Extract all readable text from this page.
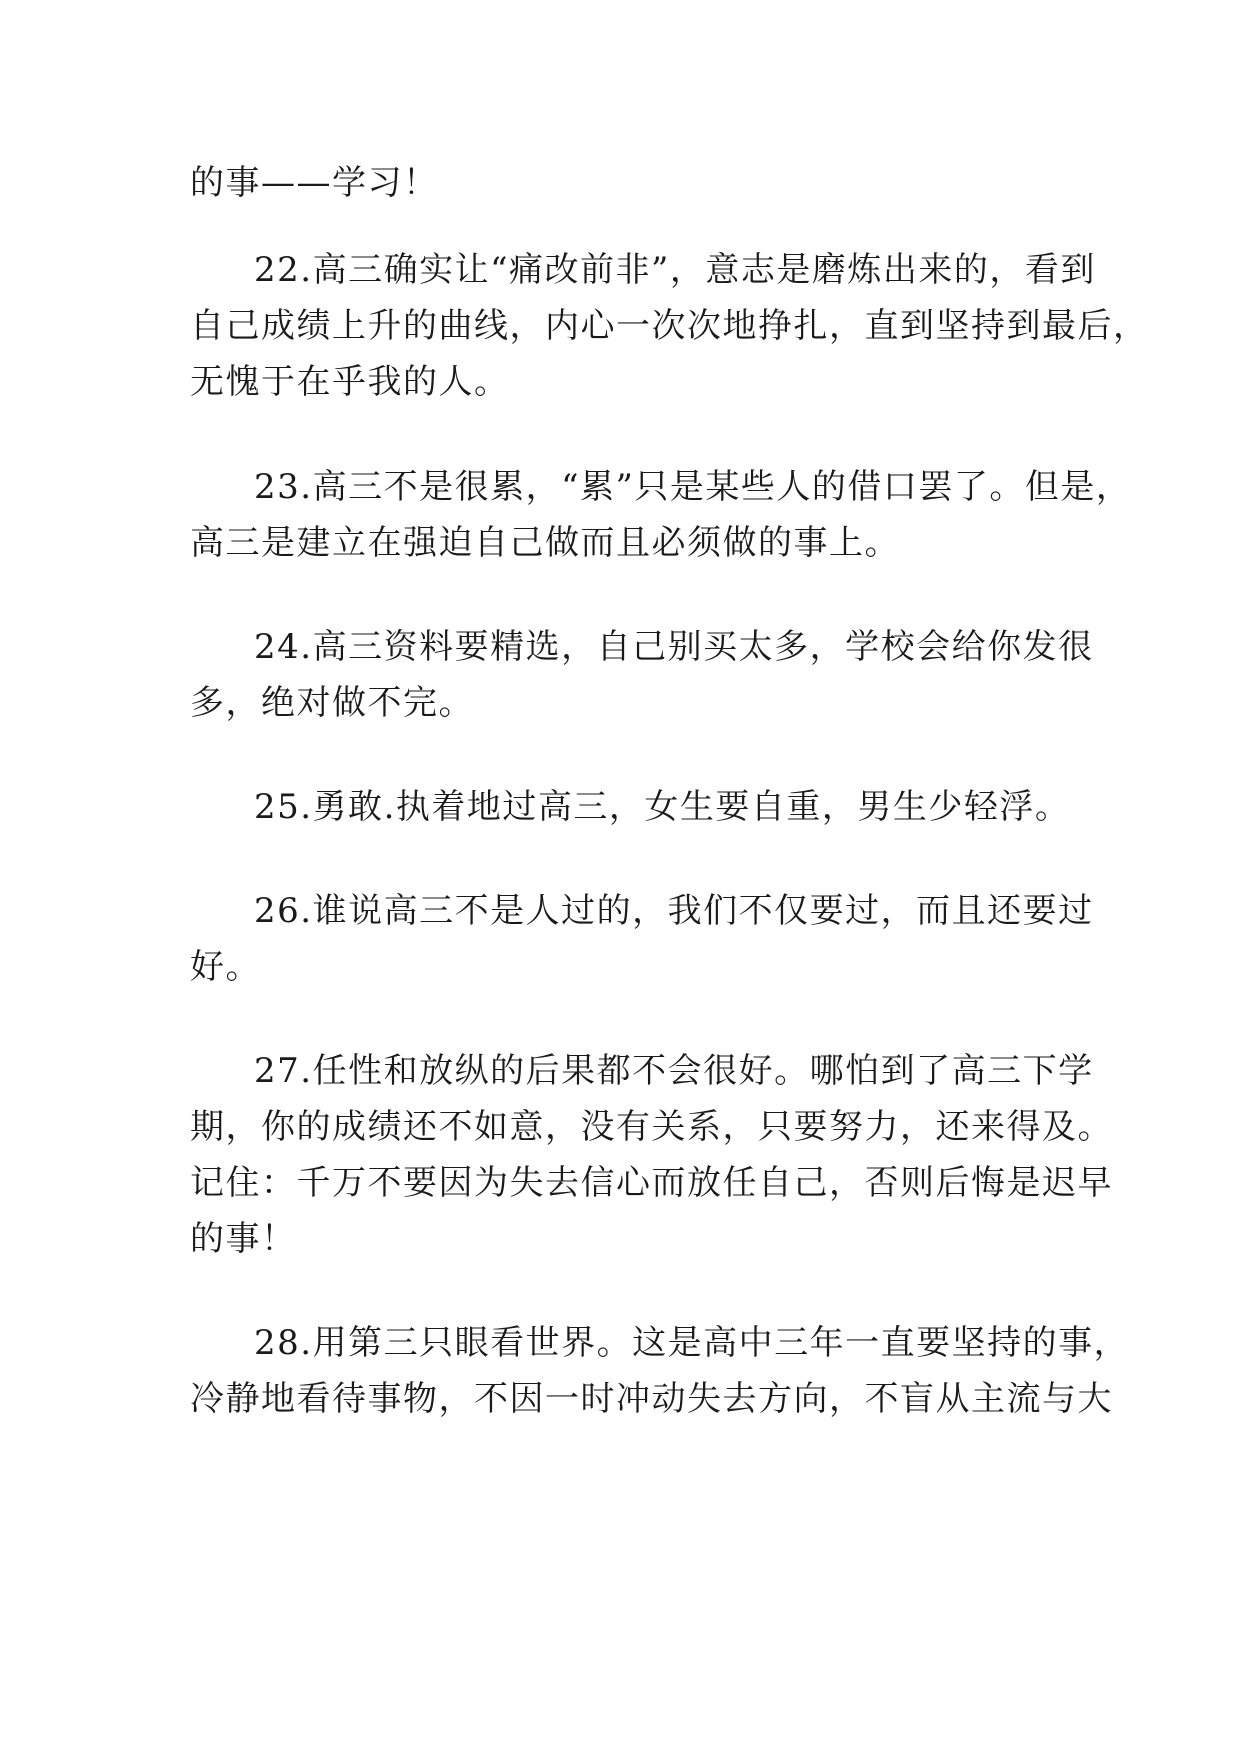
的事——学习！

22.高三确实让“痛改前非”，意志是磨炼出来的，看到

自己成绩上升的曲线，内心一次次地挣扎，直到坚持到最后，

无愧于在乎我的人。

23.高三不是很累，“累”只是某些人的借口罢了。但是，

高三是建立在强迫自己做而且必须做的事上。

24.高三资料要精选，自己别买太多，学校会给你发很

多，绝对做不完。

25.勇敢.执着地过高三，女生要自重，男生少轻浮。

26.谁说高三不是人过的，我们不仅要过，而且还要过

好。

27.任性和放纵的后果都不会很好。哪怕到了高三下学

期，你的成绩还不如意，没有关系，只要努力，还来得及。

记住：千万不要因为失去信心而放任自己，否则后悔是迟早

的事！

28.用第三只眼看世界。这是高中三年一直要坚持的事，

冷静地看待事物，不因一时冲动失去方向，不盲从主流与大
